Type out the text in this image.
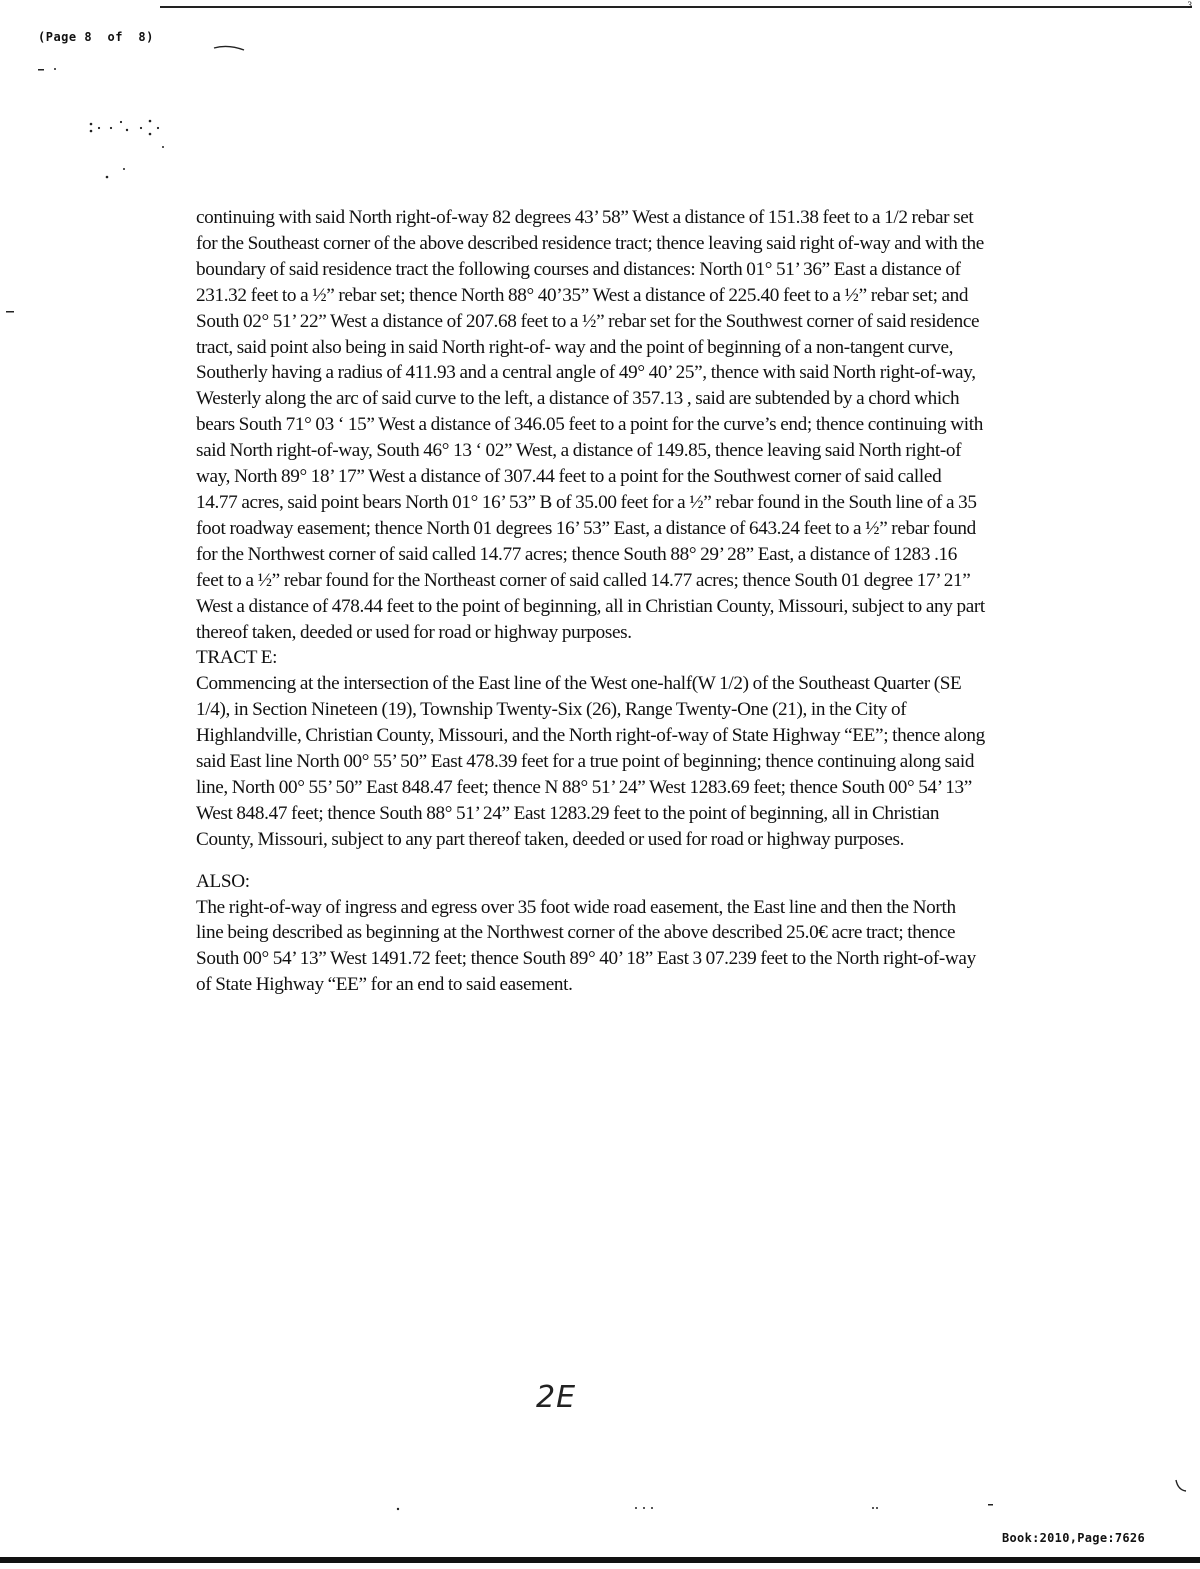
3
(Page 8  of  8)

continuing with said North right-of-way 82 degrees 43’ 58” West a distance of 151.38 feet to a 1/2 rebar set for the Southeast corner of the above described residence tract; thence leaving said right of-way and with the boundary of said residence tract the following courses and distances: North 01° 51’ 36” East a distance of 231.32 feet to a ½” rebar set; thence North 88° 40’35” West a distance of 225.40 feet to a ½” rebar set; and South 02° 51’ 22” West a distance of 207.68 feet to a ½” rebar set for the Southwest corner of said residence tract, said point also being in said North right-of- way and the point of beginning of a non-tangent curve, Southerly having a radius of 411.93 and a central angle of 49° 40’ 25”, thence with said North right-of-way, Westerly along the arc of said curve to the left, a distance of 357.13 , said are subtended by a chord which bears South 71° 03 ‘ 15” West a distance of 346.05 feet to a point for the curve’s end; thence continuing with said North right-of-way, South 46° 13 ‘ 02” West, a distance of 149.85, thence leaving said North right-of way, North 89° 18’ 17” West a distance of 307.44 feet to a point for the Southwest corner of said called 14.77 acres, said point bears North 01° 16’ 53” B of 35.00 feet for a ½” rebar found in the South line of a 35 foot roadway easement; thence North 01 degrees 16’ 53” East, a distance of 643.24 feet to a ½” rebar found for the Northwest corner of said called 14.77 acres; thence South 88° 29’ 28” East, a distance of 1283 .16 feet to a ½” rebar found for the Northeast corner of said called 14.77 acres; thence South 01 degree 17’ 21” West a distance of 478.44 feet to the point of beginning, all in Christian County, Missouri, subject to any part thereof taken, deeded or used for road or highway purposes.

TRACT E:

Commencing at the intersection of the East line of the West one-half(W 1/2) of the Southeast Quarter (SE 1/4), in Section Nineteen (19), Township Twenty-Six (26), Range Twenty-One (21), in the City of Highlandville, Christian County, Missouri, and the North right-of-way of State Highway “EE”; thence along said East line North 00° 55’ 50” East 478.39 feet for a true point of beginning; thence continuing along said line, North 00° 55’ 50” East 848.47 feet; thence N 88° 51’ 24” West 1283.69 feet; thence South 00° 54’ 13” West 848.47 feet; thence South 88° 51’ 24” East 1283.29 feet to the point of beginning, all in Christian County, Missouri, subject to any part thereof taken, deeded or used for road or highway purposes.

ALSO:

The right-of-way of ingress and egress over 35 foot wide road easement, the East line and then the North line being described as beginning at the Northwest corner of the above described 25.0€ acre tract; thence South 00° 54’ 13” West 1491.72 feet; thence South 89° 40’ 18” East 3 07.239 feet to the North right-of-way of State Highway “EE” for an end to said easement.

2E
Book:2010,Page:7626
